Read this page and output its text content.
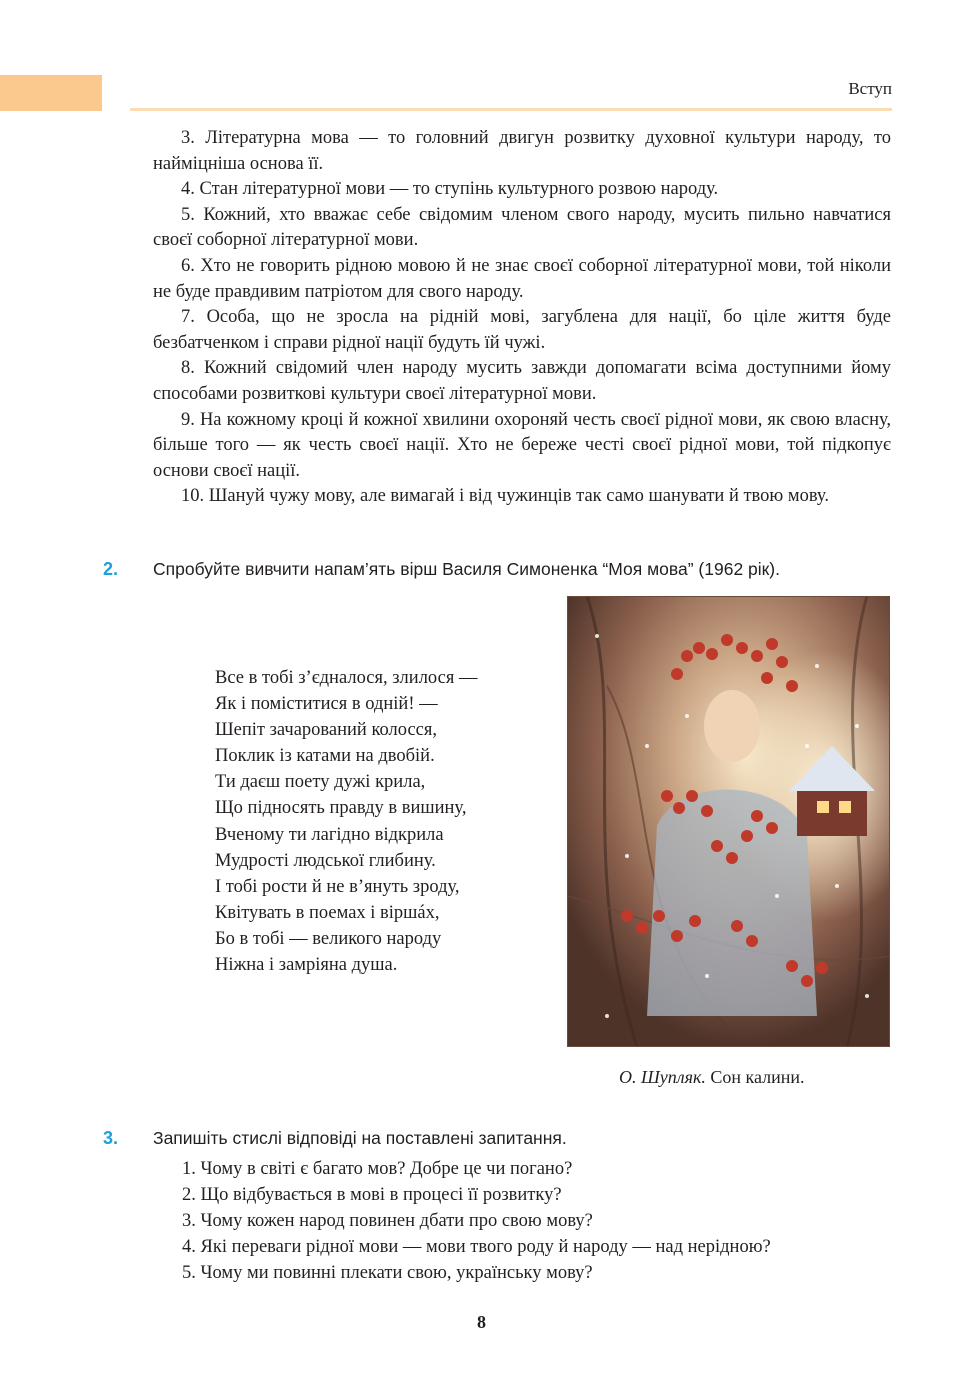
Вступ

3. Літературна мова — то головний двигун розвитку духовної культури народу, то найміцніша основа її.

4. Стан літературної мови — то ступінь культурного розвою народу.

5. Кожний, хто вважає себе свідомим членом свого народу, мусить пильно навчатися своєї соборної літературної мови.

6. Хто не говорить рідною мовою й не знає своєї соборної літературної мови, той ніколи не буде правдивим патріотом для свого народу.

7. Особа, що не зросла на рідній мові, загублена для нації, бо ціле життя буде безбатченком і справи рідної нації будуть їй чужі.

8. Кожний свідомий член народу мусить завжди допомагати всіма доступними йому способами розвиткові культури своєї літературної мови.

9. На кожному кроці й кожної хвилини охороняй честь своєї рідної мови, як свою власну, більше того — як честь своєї нації. Хто не береже честі своєї рідної мови, той підкопує основи своєї нації.

10. Шануй чужу мову, але вимагай і від чужинців так само шанувати й твою мову.

2. Спробуйте вивчити напам’ять вірш Василя Симоненка “Моя мова” (1962 рік).
Все в тобі з’єдналося, злилося —
Як і поміститися в одній! —
Шепіт зачарований колосся,
Поклик із катами на двобій.
Ти даєш поету дужі крила,
Що підносять правду в вишину,
Вченому ти лагідно відкрила
Мудрості людської глибину.
І тобі рости й не в’януть зроду,
Квітувать в поемах і віршáх,
Бо в тобі — великого народу
Ніжна і замріяна душа.
О. Шупляк. Сон калини.
3. Запишіть стислі відповіді на поставлені запитання.
1. Чому в світі є багато мов? Добре це чи погано?
2. Що відбувається в мові в процесі її розвитку?
3. Чому кожен народ повинен дбати про свою мову?
4. Які переваги рідної мови — мови твого роду й народу — над нерідною?
5. Чому ми повинні плекати свою, українську мову?
8
